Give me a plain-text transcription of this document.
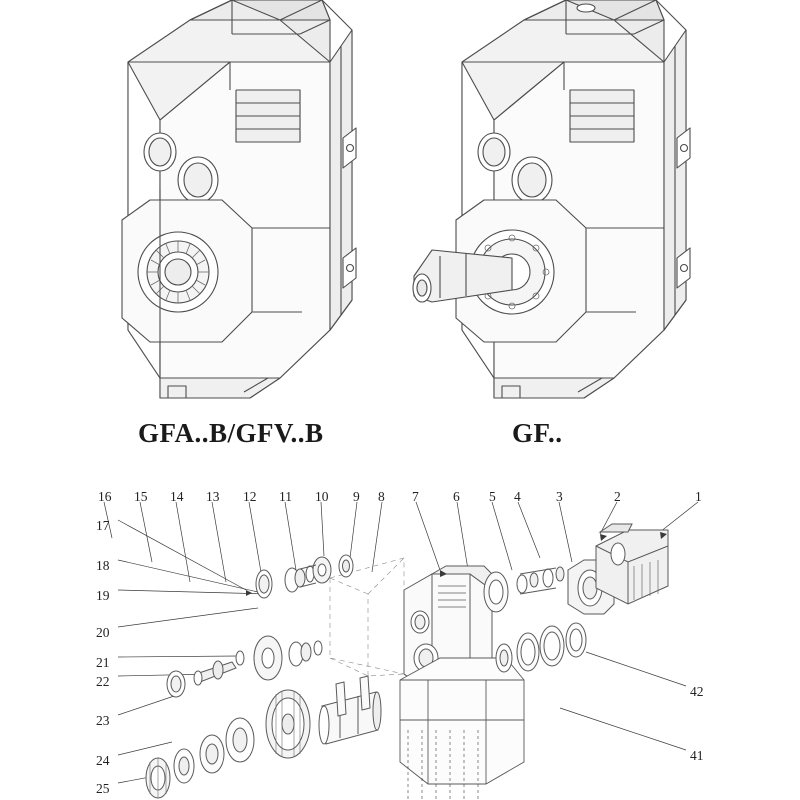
GFA..B/GFV..B	GF..
16 15 14 13 12 11 10 9 8 7	6 5 4	3	2	1
17
18
19
20
21
22
23
24
25
42
41
